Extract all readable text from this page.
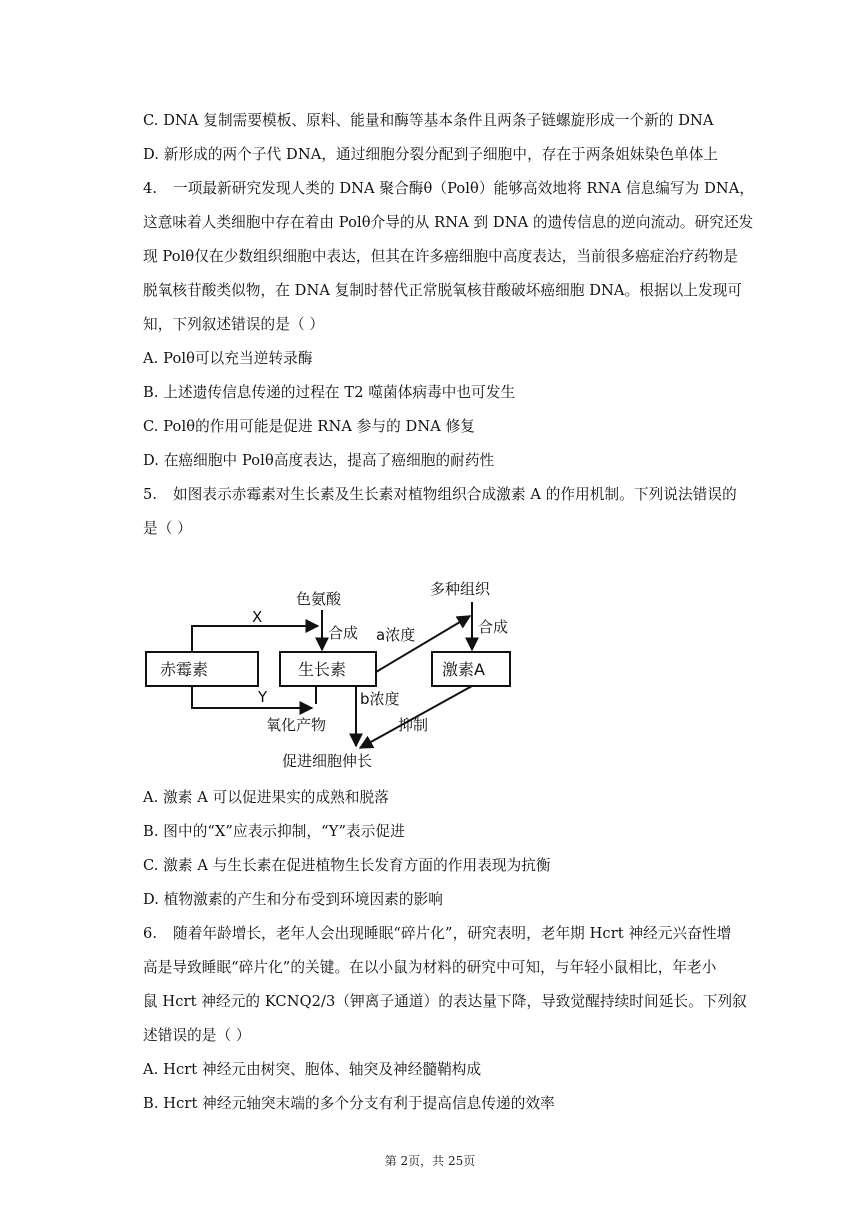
C. DNA 复制需要模板、原料、能量和酶等基本条件且两条子链螺旋形成一个新的 DNA
D. 新形成的两个子代 DNA，通过细胞分裂分配到子细胞中，存在于两条姐妹染色单体上
4. 一项最新研究发现人类的 DNA 聚合酶θ（Polθ）能够高效地将 RNA 信息编写为 DNA，
这意味着人类细胞中存在着由 Polθ介导的从 RNA 到 DNA 的遗传信息的逆向流动。研究还发
现 Polθ仅在少数组织细胞中表达，但其在许多癌细胞中高度表达，当前很多癌症治疗药物是
脱氧核苷酸类似物，在 DNA 复制时替代正常脱氧核苷酸破坏癌细胞 DNA。根据以上发现可
知，下列叙述错误的是（ ）
A. Polθ可以充当逆转录酶
B. 上述遗传信息传递的过程在 T2 噬菌体病毒中也可发生
C. Polθ的作用可能是促进 RNA 参与的 DNA 修复
D. 在癌细胞中 Polθ高度表达，提高了癌细胞的耐药性
5. 如图表示赤霉素对生长素及生长素对植物组织合成激素 A 的作用机制。下列说法错误的
是（ ）
赤霉素	生长素	激素A
色氨酸
合成
多种组织
合成
X
Y
a浓度
b浓度
氧化产物	抑制
促进细胞伸长
A. 激素 A 可以促进果实的成熟和脱落
B. 图中的“X”应表示抑制，“Y”表示促进
C. 激素 A 与生长素在促进植物生长发育方面的作用表现为抗衡
D. 植物激素的产生和分布受到环境因素的影响
6. 随着年龄增长，老年人会出现睡眠“碎片化”，研究表明，老年期 Hcrt 神经元兴奋性增
高是导致睡眠“碎片化”的关键。在以小鼠为材料的研究中可知，与年轻小鼠相比，年老小
鼠 Hcrt 神经元的 KCNQ2/3（钾离子通道）的表达量下降，导致觉醒持续时间延长。下列叙
述错误的是（ ）
A. Hcrt 神经元由树突、胞体、轴突及神经髓鞘构成
B. Hcrt 神经元轴突末端的多个分支有利于提高信息传递的效率
第 2页，共 25页
